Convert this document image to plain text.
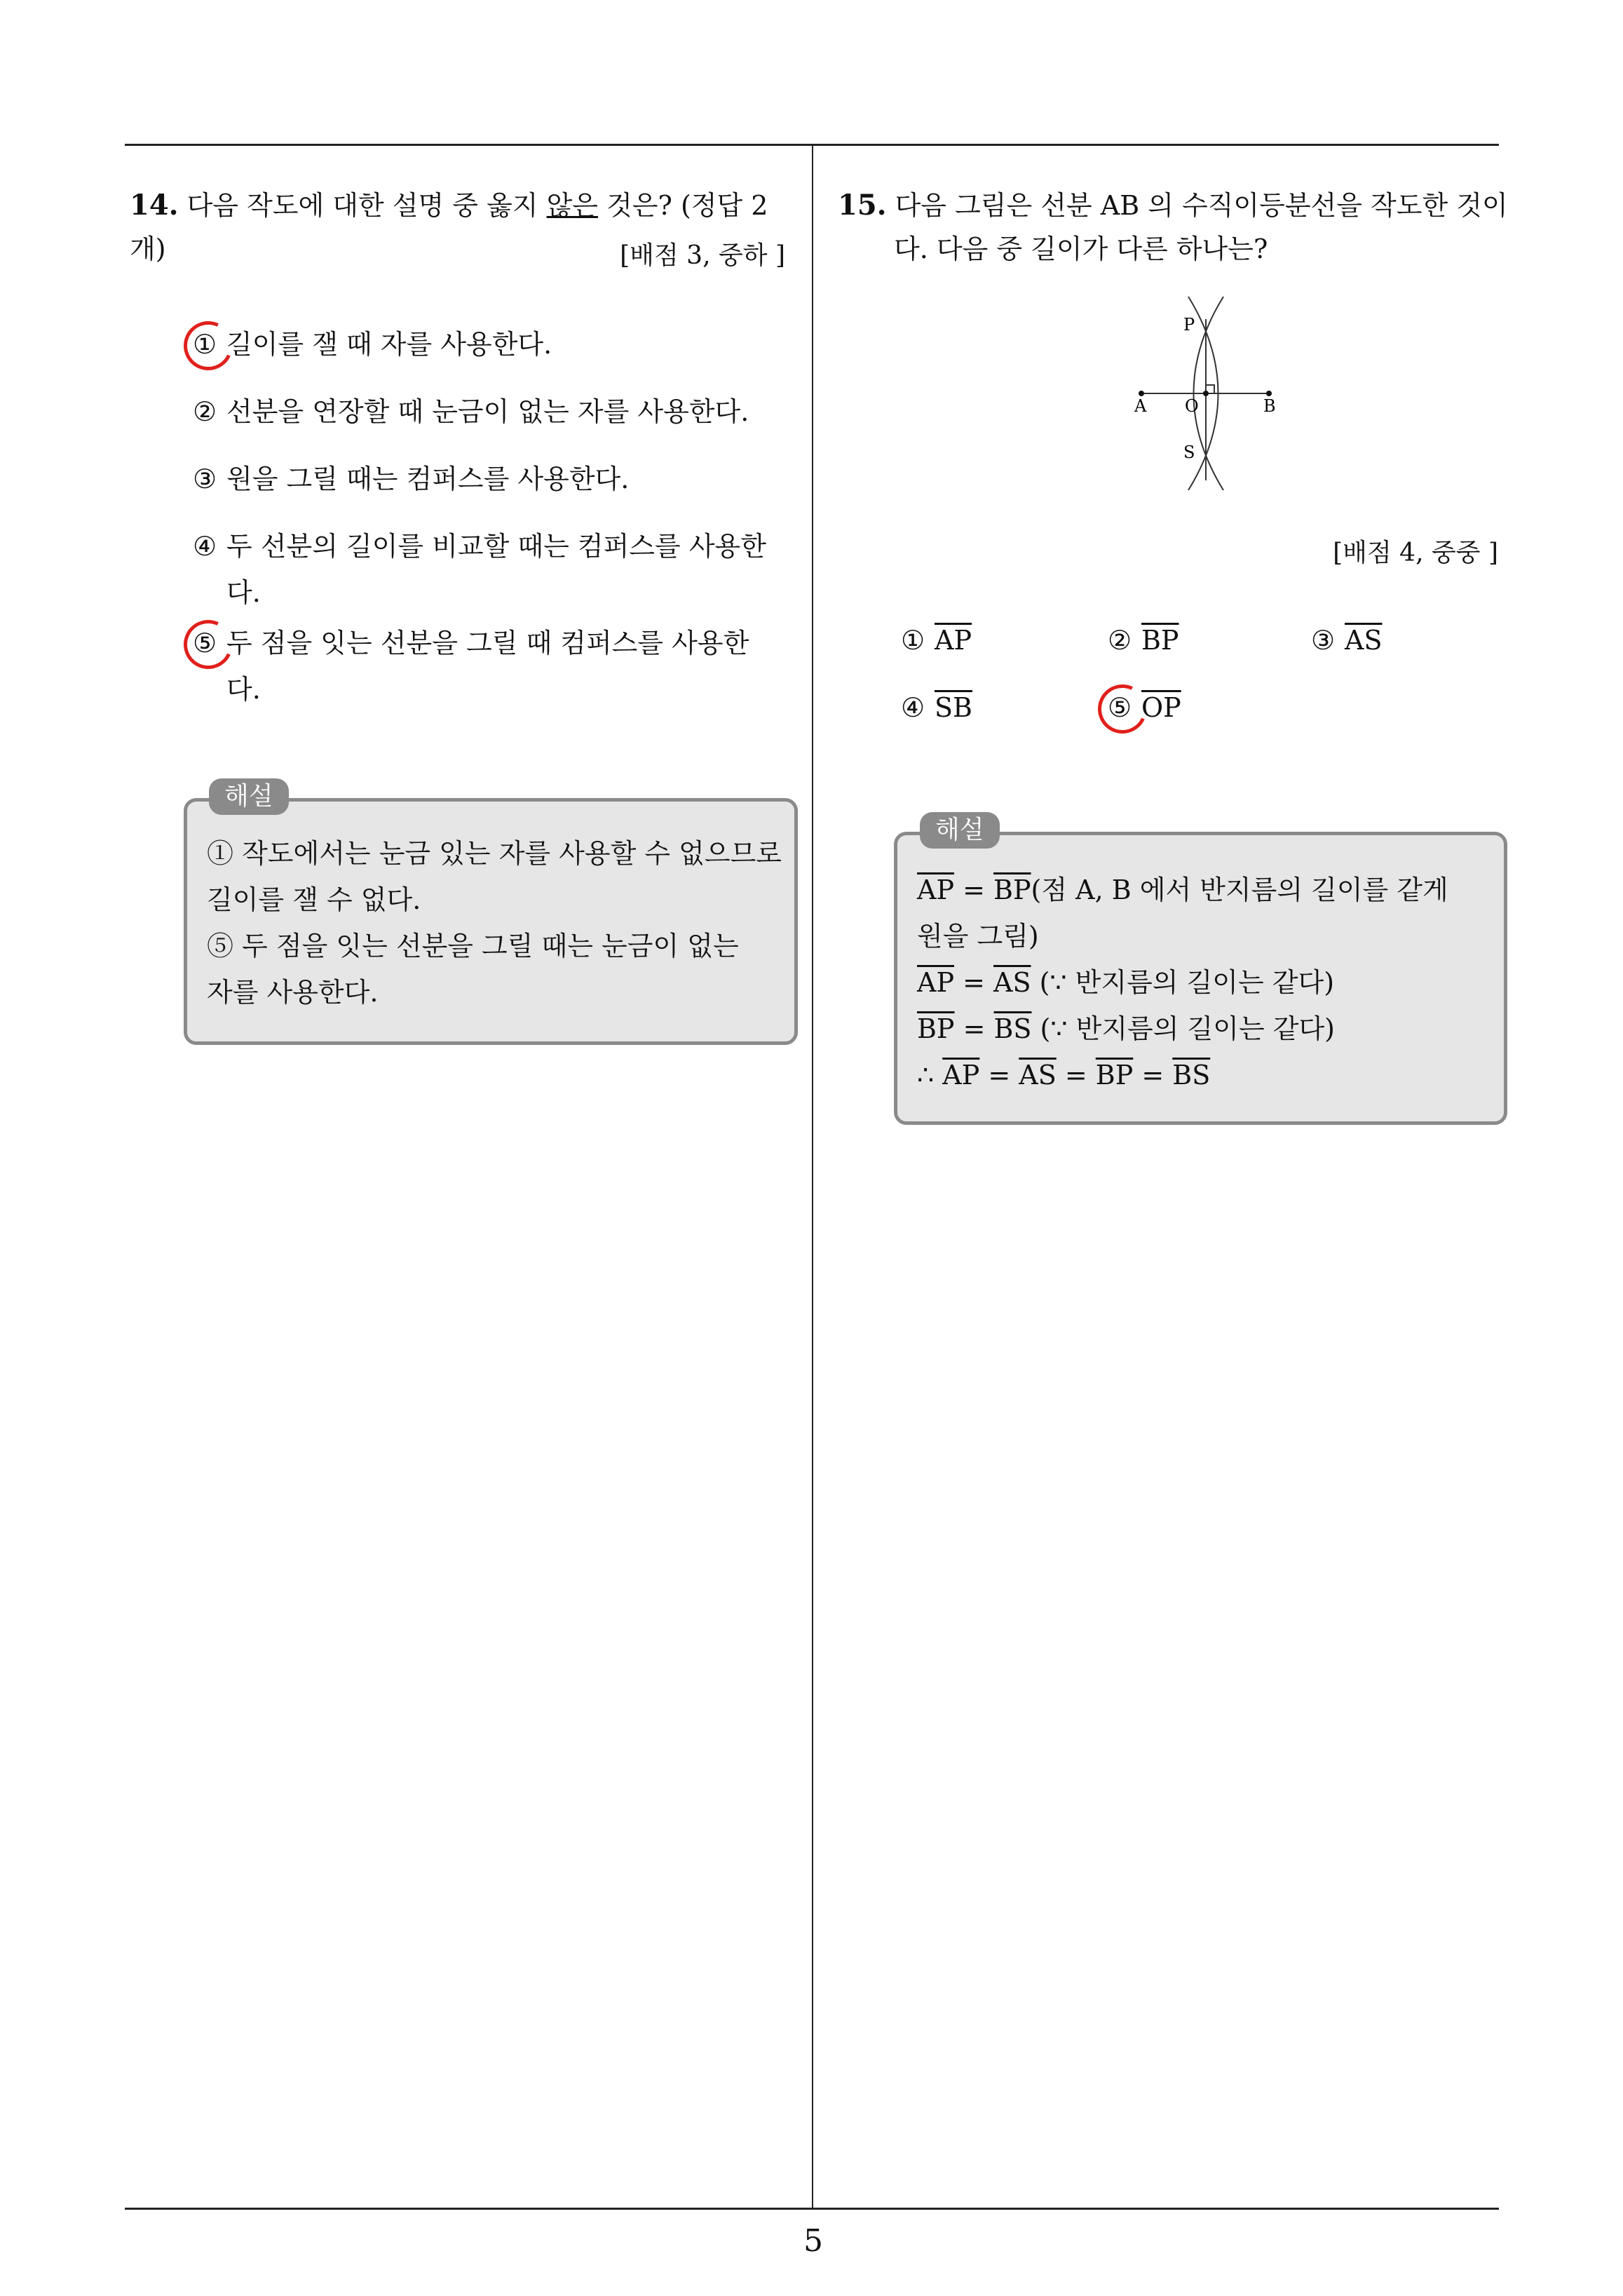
14. 다음 작도에 대한 설명 중 옳지 않은 것은? (정답 2개)	[배점 3, 중하 ]
① 길이를 잴 때 자를 사용한다.
② 선분을 연장할 때 눈금이 없는 자를 사용한다.
③ 원을 그릴 때는 컴퍼스를 사용한다.
④ 두 선분의 길이를 비교할 때는 컴퍼스를 사용한
다.
⑤ 두 점을 잇는 선분을 그릴 때 컴퍼스를 사용한
다.
해설
① 작도에서는 눈금 있는 자를 사용할 수 없으므로
길이를 잴 수 없다.
⑤ 두 점을 잇는 선분을 그릴 때는 눈금이 없는
자를 사용한다.
15. 다음 그림은 선분 AB 의 수직이등분선을 작도한 것이
다. 다음 중 길이가 다른 하나는?
P
A O	B
S
[배점 4, 중중 ]
① $\overline{AP}$	② $\overline{BP}$	③ $\overline{AS}$
④ $\overline{SB}$	⑤ $\overline{OP}$
해설
$\overline{AP} = \overline{BP}$(점 A, B 에서 반지름의 길이를 같게
원을 그림)
$\overline{AP} = \overline{AS}$ (∵ 반지름의 길이는 같다)
$\overline{BP} = \overline{BS}$ (∵ 반지름의 길이는 같다)
∴ $\overline{AP} = \overline{AS} = \overline{BP} = \overline{BS}$
5
